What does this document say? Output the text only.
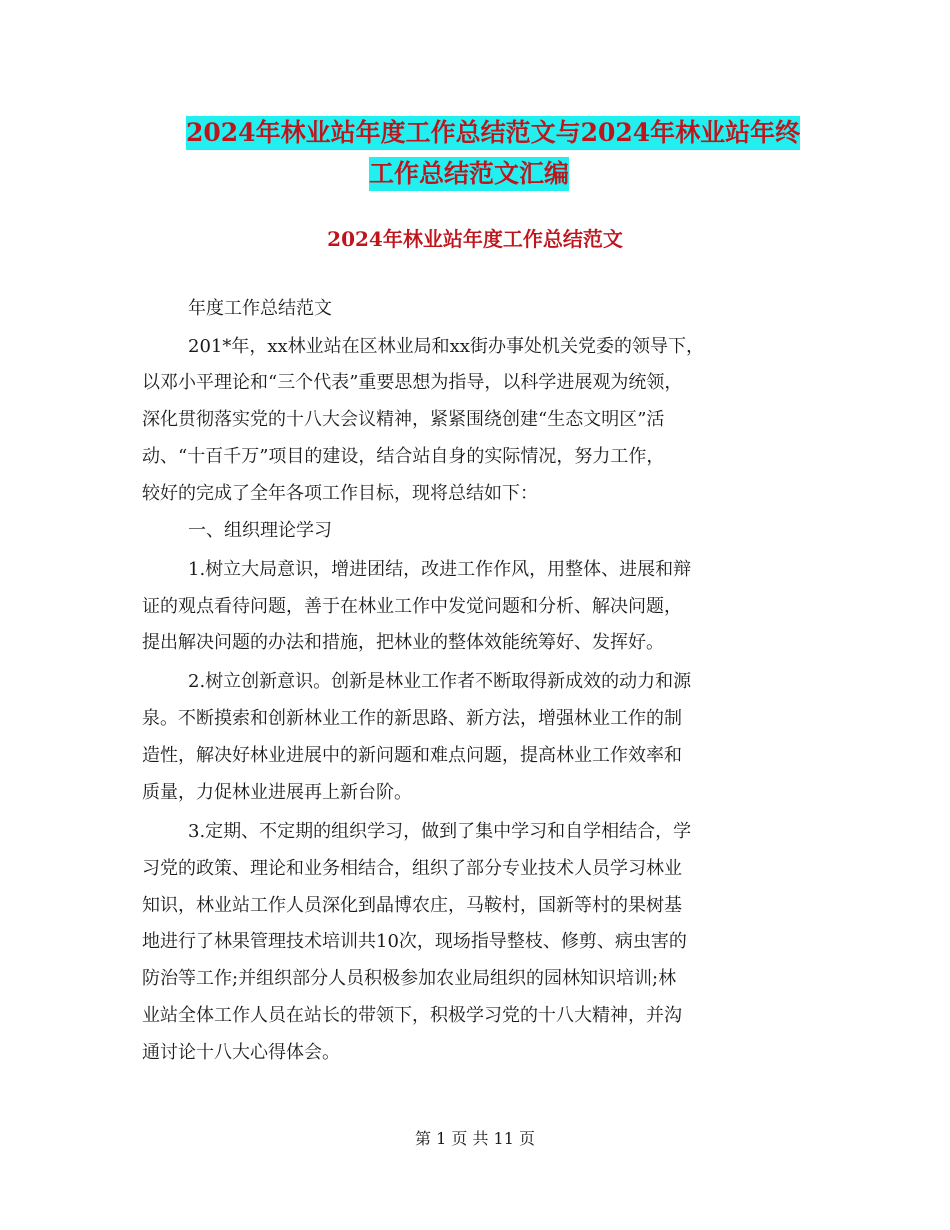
2024年林业站年度工作总结范文与2024年林业站年终
工作总结范文汇编
2024年林业站年度工作总结范文
年度工作总结范文
201*年，xx林业站在区林业局和xx街办事处机关党委的领导下，
以邓小平理论和“三个代表”重要思想为指导，以科学进展观为统领，
深化贯彻落实党的十八大会议精神，紧紧围绕创建“生态文明区”活
动、“十百千万”项目的建设，结合站自身的实际情况，努力工作，
较好的完成了全年各项工作目标，现将总结如下：
一、组织理论学习
1.树立大局意识，增进团结，改进工作作风，用整体、进展和辩
证的观点看待问题，善于在林业工作中发觉问题和分析、解决问题，
提出解决问题的办法和措施，把林业的整体效能统筹好、发挥好。
2.树立创新意识。创新是林业工作者不断取得新成效的动力和源
泉。不断摸索和创新林业工作的新思路、新方法，增强林业工作的制
造性，解决好林业进展中的新问题和难点问题，提高林业工作效率和
质量，力促林业进展再上新台阶。
3.定期、不定期的组织学习，做到了集中学习和自学相结合，学
习党的政策、理论和业务相结合，组织了部分专业技术人员学习林业
知识，林业站工作人员深化到晶博农庄，马鞍村，国新等村的果树基
地进行了林果管理技术培训共10次，现场指导整枝、修剪、病虫害的
防治等工作;并组织部分人员积极参加农业局组织的园林知识培训;林
业站全体工作人员在站长的带领下，积极学习党的十八大精神，并沟
通讨论十八大心得体会。
第 1 页 共 11 页
